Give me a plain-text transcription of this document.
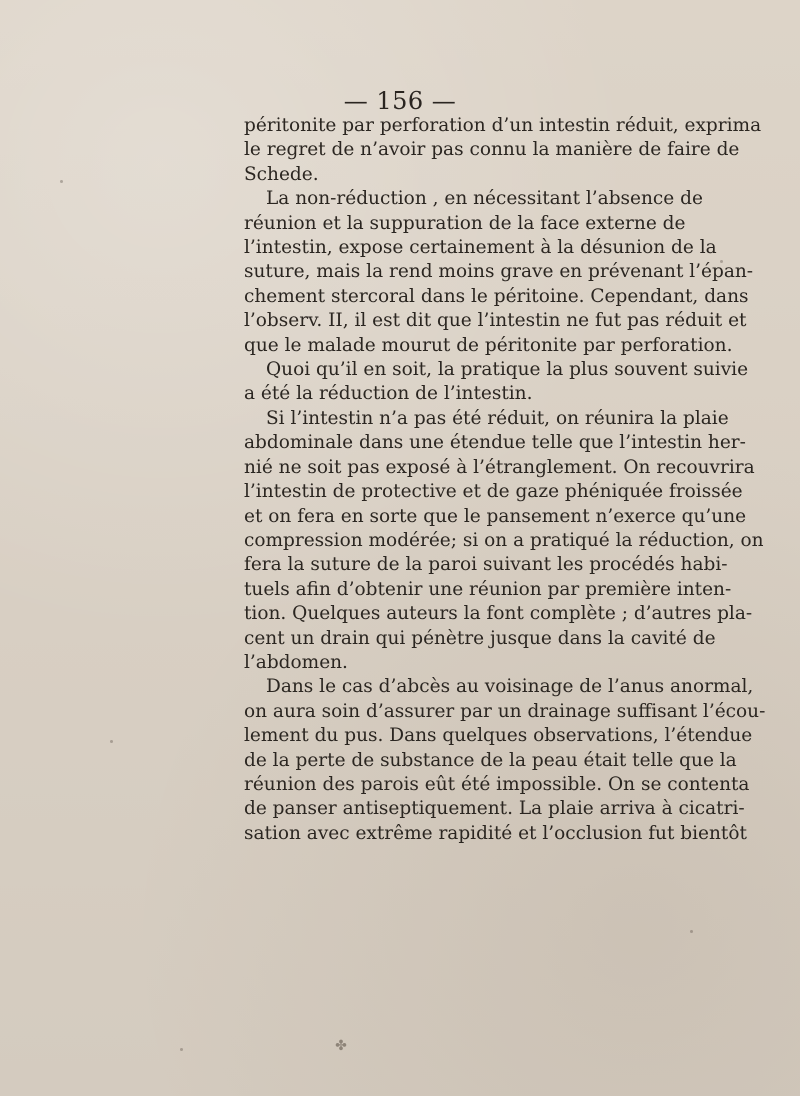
— 156 —
péritonite par perforation d’un intestin réduit, exprima
le regret de n’avoir pas connu la manière de faire de
Schede.
La non-réduction , en nécessitant l’absence de
réunion et la suppuration de la face externe de
l’intestin, expose certainement à la désunion de la
suture, mais la rend moins grave en prévenant l’épan-
chement stercoral dans le péritoine. Cependant, dans
l’observ. II, il est dit que l’intestin ne fut pas réduit et
que le malade mourut de péritonite par perforation.
Quoi qu’il en soit, la pratique la plus souvent suivie
a été la réduction de l’intestin.
Si l’intestin n’a pas été réduit, on réunira la plaie
abdominale dans une étendue telle que l’intestin her-
nié ne soit pas exposé à l’étranglement. On recouvrira
l’intestin de protective et de gaze phéniquée froissée
et on fera en sorte que le pansement n’exerce qu’une
compression modérée; si on a pratiqué la réduction, on
fera la suture de la paroi suivant les procédés habi-
tuels afin d’obtenir une réunion par première inten-
tion. Quelques auteurs la font complète ; d’autres pla-
cent un drain qui pénètre jusque dans la cavité de
l’abdomen.
Dans le cas d’abcès au voisinage de l’anus anormal,
on aura soin d’assurer par un drainage suffisant l’écou-
lement du pus. Dans quelques observations, l’étendue
de la perte de substance de la peau était telle que la
réunion des parois eût été impossible. On se contenta
de panser antiseptiquement. La plaie arriva à cicatri-
sation avec extrême rapidité et l’occlusion fut bientôt
✤
